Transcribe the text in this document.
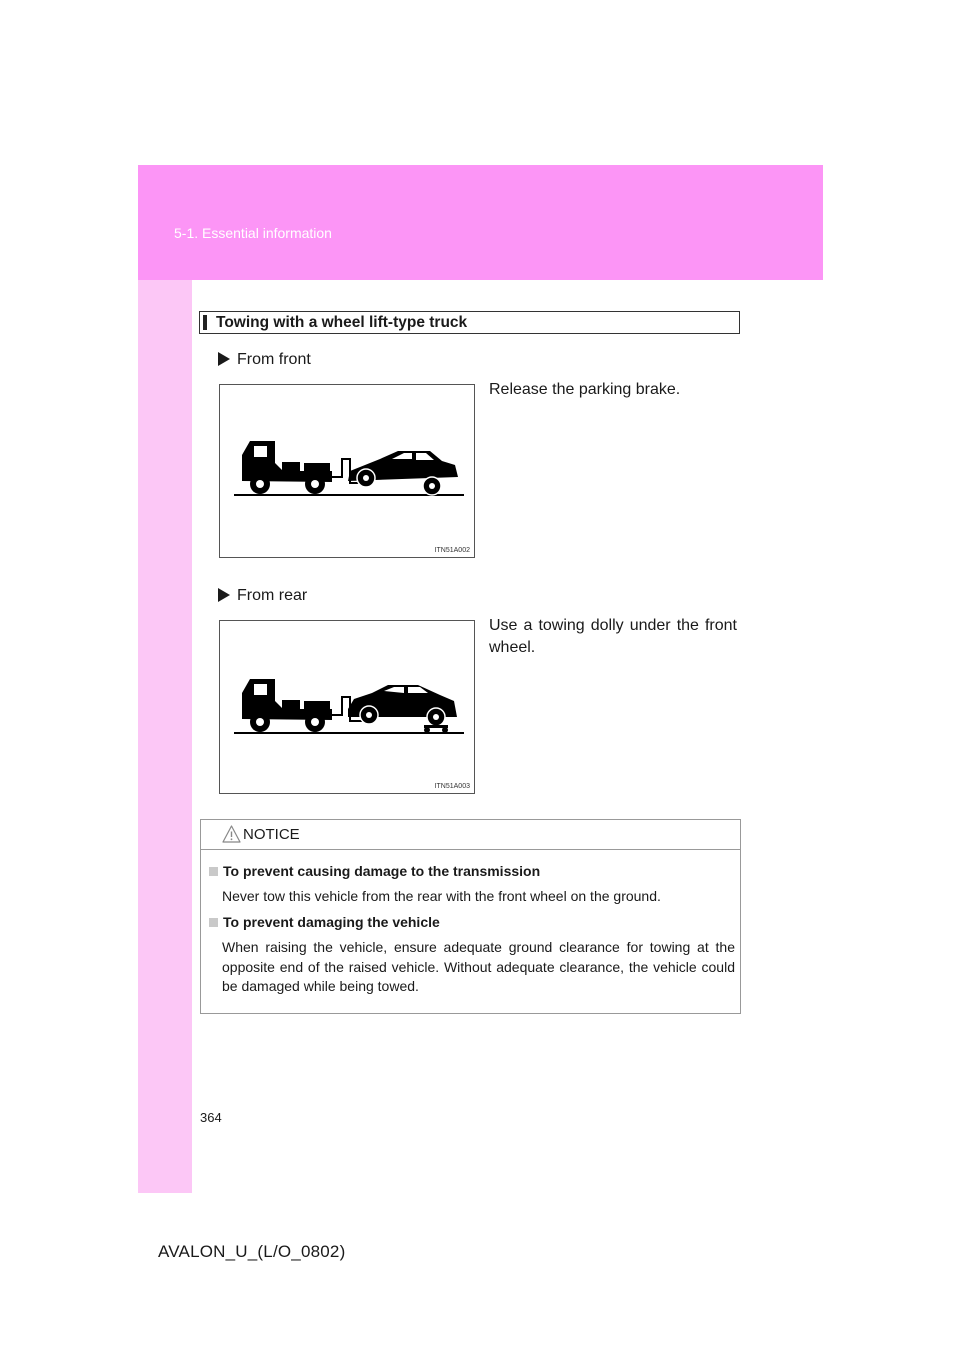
5-1. Essential information
Towing with a wheel lift-type truck
From front
Release the parking brake.
ITN51A002
From rear
Use a towing dolly under the front wheel.
ITN51A003
NOTICE
To prevent causing damage to the transmission
Never tow this vehicle from the rear with the front wheel on the ground.
To prevent damaging the vehicle
When raising the vehicle, ensure adequate ground clearance for towing at the opposite end of the raised vehicle. Without adequate clearance, the vehicle could be damaged while being towed.
364
AVALON_U_(L/O_0802)
